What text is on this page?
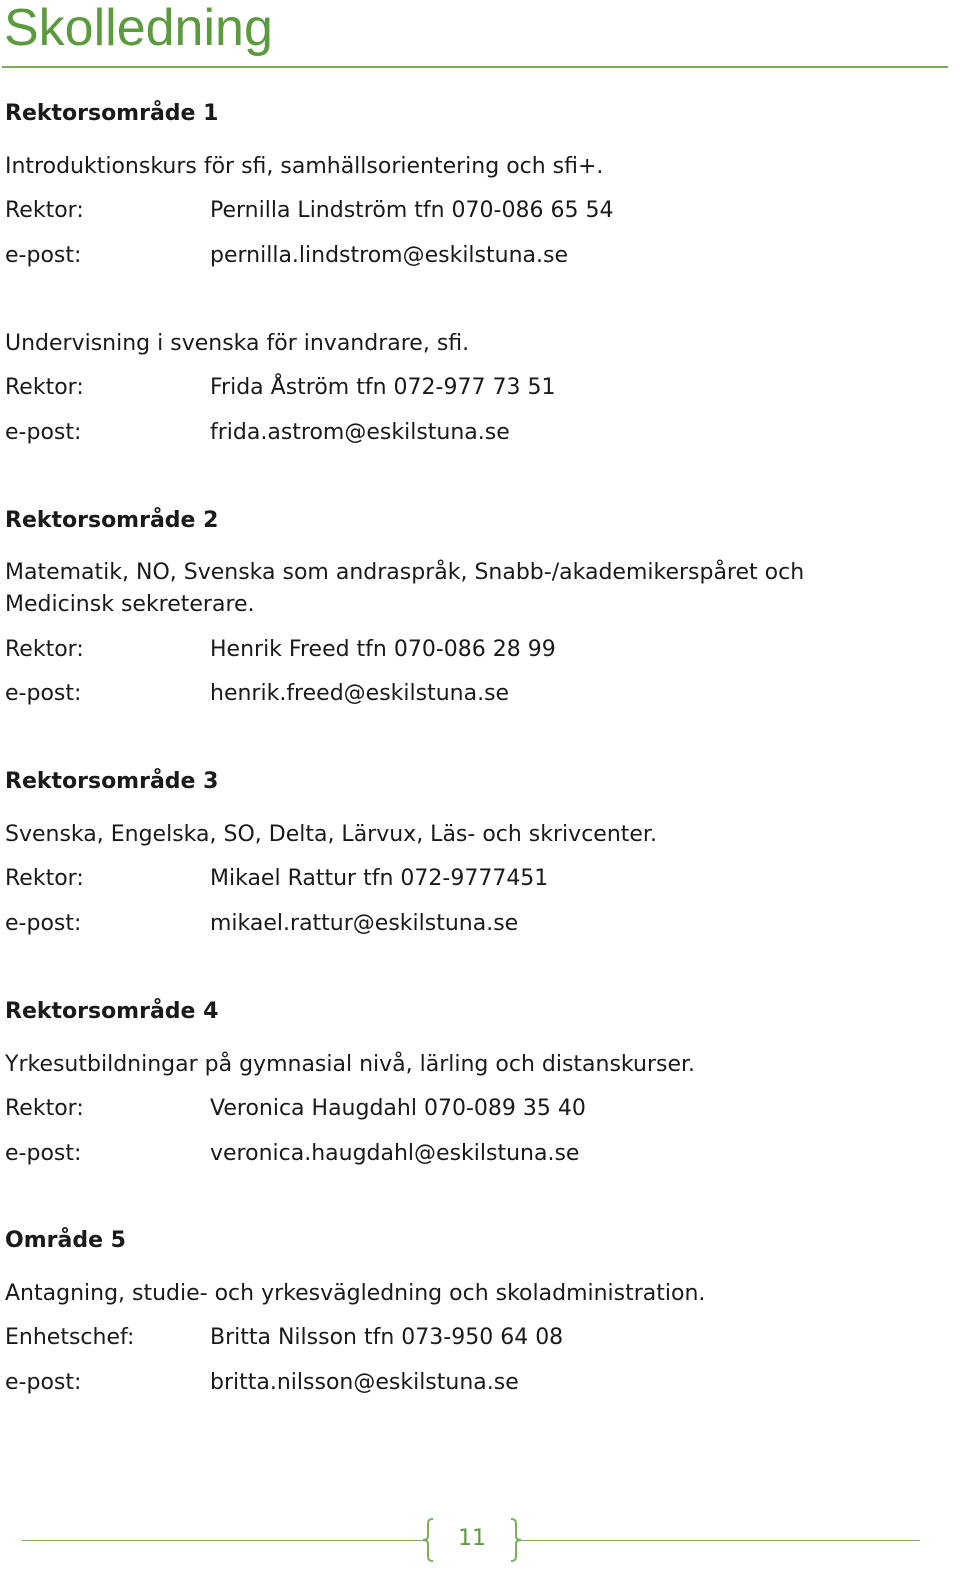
Skolledning
Rektorsområde 1
Introduktionskurs för sfi, samhällsorientering och sfi+.
Rektor:	Pernilla Lindström tfn 070-086 65 54
e-post:	pernilla.lindstrom@eskilstuna.se
Undervisning i svenska för invandrare, sfi.
Rektor:	Frida Åström tfn 072-977 73 51
e-post:	frida.astrom@eskilstuna.se
Rektorsområde 2
Matematik, NO, Svenska som andraspråk, Snabb-/akademikerspåret och Medicinsk sekreterare.
Rektor:	Henrik Freed tfn 070-086 28 99
e-post:	henrik.freed@eskilstuna.se
Rektorsområde 3
Svenska, Engelska, SO, Delta, Lärvux, Läs- och skrivcenter.
Rektor:	Mikael Rattur tfn 072-9777451
e-post:	mikael.rattur@eskilstuna.se
Rektorsområde 4
Yrkesutbildningar på gymnasial nivå, lärling och distanskurser.
Rektor:	Veronica Haugdahl 070-089 35 40
e-post:	veronica.haugdahl@eskilstuna.se
Område 5
Antagning, studie- och yrkesvägledning och skoladministration.
Enhetschef:	Britta Nilsson tfn 073-950 64 08
e-post:	britta.nilsson@eskilstuna.se
11
